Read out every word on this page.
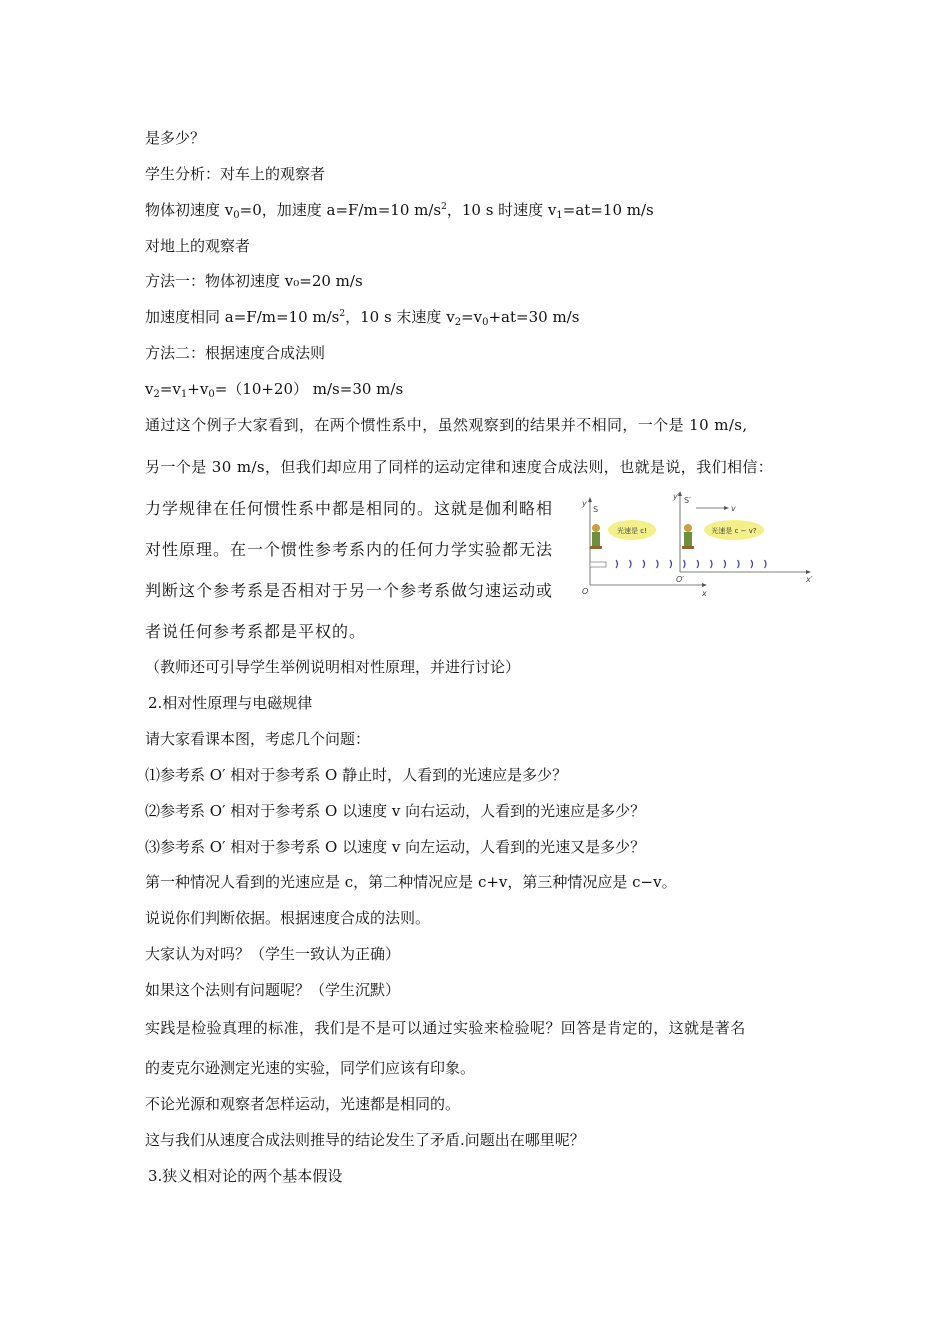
是多少？
学生分析：对车上的观察者
物体初速度 $v_0=0$，加速度 a=F/m=10 $m/s^2$，10 s 时速度 $v_1=at=10$ m/s
对地上的观察者
方法一：物体初速度 v₀=20 m/s
加速度相同 a=F/m=10 $m/s^2$，10 s 末速度 $v_2=v_0+at=30$ m/s
方法二：根据速度合成法则
$v_2=v_1+v_0=(10+20)$ m/s=30 m/s
通过这个例子大家看到，在两个惯性系中，虽然观察到的结果并不相同，一个是 10 m/s,
另一个是 30 m/s，但我们却应用了同样的运动定律和速度合成法则，也就是说，我们相信：
力学规律在任何惯性系中都是相同的。这就是伽利略相
对性原理。在一个惯性参考系内的任何力学实验都无法
判断这个参考系是否相对于另一个参考系做匀速运动或
者说任何参考系都是平权的。
（教师还可引导学生举例说明相对性原理，并进行讨论）
2.相对性原理与电磁规律
请大家看课本图，考虑几个问题：
⑴参考系 O′ 相对于参考系 O 静止时，人看到的光速应是多少？
⑵参考系 O′ 相对于参考系 O 以速度 v 向右运动，人看到的光速应是多少？
⑶参考系 O′ 相对于参考系 O 以速度 v 向左运动，人看到的光速又是多少？
第一种情况人看到的光速应是 c，第二种情况应是 c+v，第三种情况应是 c−v。
说说你们判断依据。根据速度合成的法则。
大家认为对吗？（学生一致认为正确）
如果这个法则有问题呢？（学生沉默）
实践是检验真理的标准，我们是不是可以通过实验来检验呢？回答是肯定的，这就是著名
的麦克尔逊测定光速的实验，同学们应该有印象。
不论光源和观察者怎样运动，光速都是相同的。
这与我们从速度合成法则推导的结论发生了矛盾.问题出在哪里呢？
3.狭义相对论的两个基本假设
光速是 c!	光速是 c − v?
y
S
y′ S′
v
O
O′
x
x′
